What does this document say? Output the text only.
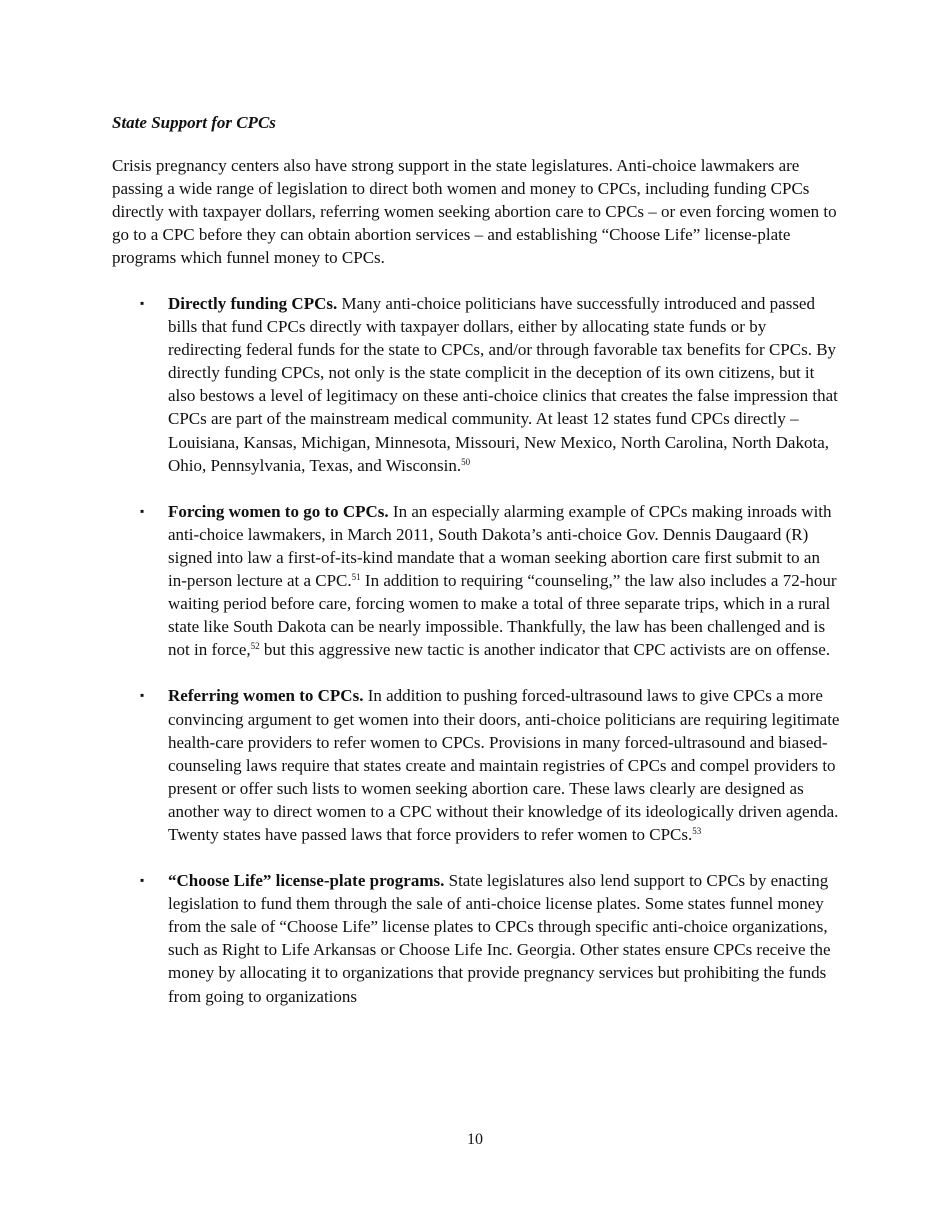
State Support for CPCs

Crisis pregnancy centers also have strong support in the state legislatures. Anti-choice lawmakers are passing a wide range of legislation to direct both women and money to CPCs, including funding CPCs directly with taxpayer dollars, referring women seeking abortion care to CPCs – or even forcing women to go to a CPC before they can obtain abortion services – and establishing “Choose Life” license-plate programs which funnel money to CPCs.

▪ Directly funding CPCs. Many anti-choice politicians have successfully introduced and passed bills that fund CPCs directly with taxpayer dollars, either by allocating state funds or by redirecting federal funds for the state to CPCs, and/or through favorable tax benefits for CPCs. By directly funding CPCs, not only is the state complicit in the deception of its own citizens, but it also bestows a level of legitimacy on these anti-choice clinics that creates the false impression that CPCs are part of the mainstream medical community. At least 12 states fund CPCs directly – Louisiana, Kansas, Michigan, Minnesota, Missouri, New Mexico, North Carolina, North Dakota, Ohio, Pennsylvania, Texas, and Wisconsin.$^{50}$
▪ Forcing women to go to CPCs. In an especially alarming example of CPCs making inroads with anti-choice lawmakers, in March 2011, South Dakota’s anti-choice Gov. Dennis Daugaard (R) signed into law a first-of-its-kind mandate that a woman seeking abortion care first submit to an in-person lecture at a CPC.$^{51}$ In addition to requiring “counseling,” the law also includes a 72-hour waiting period before care, forcing women to make a total of three separate trips, which in a rural state like South Dakota can be nearly impossible. Thankfully, the law has been challenged and is not in force,$^{52}$ but this aggressive new tactic is another indicator that CPC activists are on offense.
▪ Referring women to CPCs. In addition to pushing forced-ultrasound laws to give CPCs a more convincing argument to get women into their doors, anti-choice politicians are requiring legitimate health-care providers to refer women to CPCs. Provisions in many forced-ultrasound and biased-counseling laws require that states create and maintain registries of CPCs and compel providers to present or offer such lists to women seeking abortion care. These laws clearly are designed as another way to direct women to a CPC without their knowledge of its ideologically driven agenda. Twenty states have passed laws that force providers to refer women to CPCs.$^{53}$
▪ “Choose Life” license-plate programs. State legislatures also lend support to CPCs by enacting legislation to fund them through the sale of anti-choice license plates. Some states funnel money from the sale of “Choose Life” license plates to CPCs through specific anti-choice organizations, such as Right to Life Arkansas or Choose Life Inc. Georgia. Other states ensure CPCs receive the money by allocating it to organizations that provide pregnancy services but prohibiting the funds from going to organizations

10
